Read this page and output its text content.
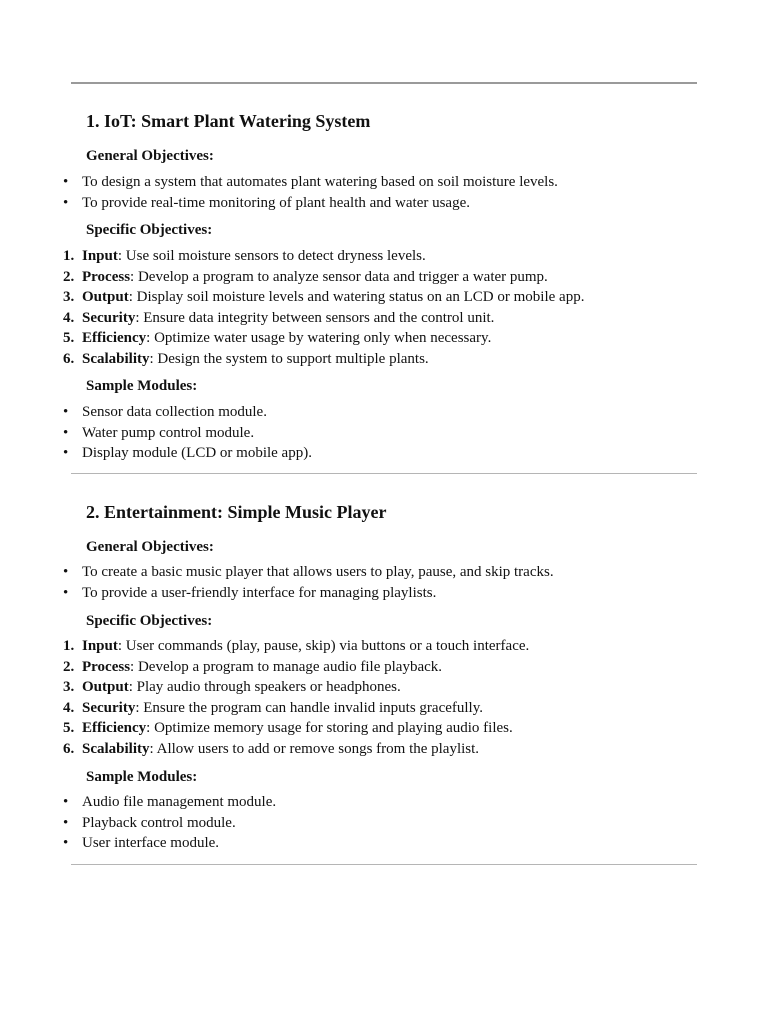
1. IoT: Smart Plant Watering System
General Objectives:
• To design a system that automates plant watering based on soil moisture levels.
• To provide real-time monitoring of plant health and water usage.
Specific Objectives:
1. Input: Use soil moisture sensors to detect dryness levels.
2. Process: Develop a program to analyze sensor data and trigger a water pump.
3. Output: Display soil moisture levels and watering status on an LCD or mobile app.
4. Security: Ensure data integrity between sensors and the control unit.
5. Efficiency: Optimize water usage by watering only when necessary.
6. Scalability: Design the system to support multiple plants.
Sample Modules:
• Sensor data collection module.
• Water pump control module.
• Display module (LCD or mobile app).
2. Entertainment: Simple Music Player
General Objectives:
• To create a basic music player that allows users to play, pause, and skip tracks.
• To provide a user-friendly interface for managing playlists.
Specific Objectives:
1. Input: User commands (play, pause, skip) via buttons or a touch interface.
2. Process: Develop a program to manage audio file playback.
3. Output: Play audio through speakers or headphones.
4. Security: Ensure the program can handle invalid inputs gracefully.
5. Efficiency: Optimize memory usage for storing and playing audio files.
6. Scalability: Allow users to add or remove songs from the playlist.
Sample Modules:
• Audio file management module.
• Playback control module.
• User interface module.
